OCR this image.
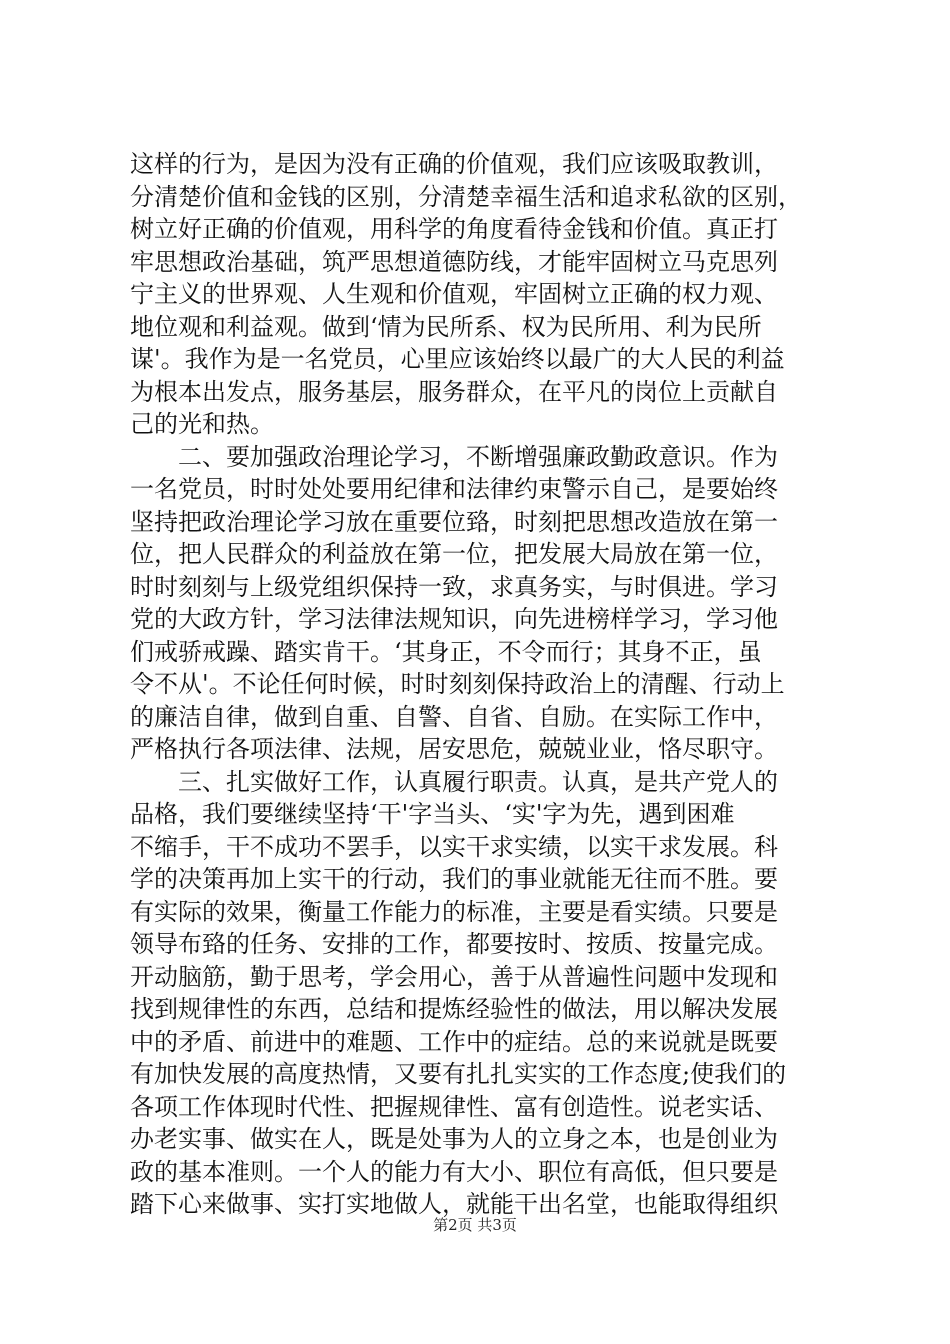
这样的行为，是因为没有正确的价值观，我们应该吸取教训，
分清楚价值和金钱的区别，分清楚幸福生活和追求私欲的区别，
树立好正确的价值观，用科学的角度看待金钱和价值。真正打
牢思想政治基础，筑严思想道德防线，才能牢固树立马克思列
宁主义的世界观、人生观和价值观，牢固树立正确的权力观、
地位观和利益观。做到‘情为民所系、权为民所用、利为民所
谋'。我作为是一名党员，心里应该始终以最广的大人民的利益
为根本出发点，服务基层，服务群众，在平凡的岗位上贡献自
己的光和热。
二、要加强政治理论学习，不断增强廉政勤政意识。作为
一名党员，时时处处要用纪律和法律约束警示自己，是要始终
坚持把政治理论学习放在重要位臵，时刻把思想改造放在第一
位，把人民群众的利益放在第一位，把发展大局放在第一位，
时时刻刻与上级党组织保持一致，求真务实，与时俱进。学习
党的大政方针，学习法律法规知识，向先进榜样学习，学习他
们戒骄戒躁、踏实肯干。‘其身正，不令而行；其身不正，虽
令不从'。不论任何时候，时时刻刻保持政治上的清醒、行动上
的廉洁自律，做到自重、自警、自省、自励。在实际工作中，
严格执行各项法律、法规，居安思危，兢兢业业，恪尽职守。
三、扎实做好工作，认真履行职责。认真，是共产党人的
品格，我们要继续坚持‘干'字当头、‘实'字为先，遇到困难
不缩手，干不成功不罢手，以实干求实绩，以实干求发展。科
学的决策再加上实干的行动，我们的事业就能无往而不胜。要
有实际的效果，衡量工作能力的标准，主要是看实绩。只要是
领导布臵的任务、安排的工作，都要按时、按质、按量完成。
开动脑筋，勤于思考，学会用心，善于从普遍性问题中发现和
找到规律性的东西，总结和提炼经验性的做法，用以解决发展
中的矛盾、前进中的难题、工作中的症结。总的来说就是既要
有加快发展的高度热情，又要有扎扎实实的工作态度;使我们的
各项工作体现时代性、把握规律性、富有创造性。说老实话、
办老实事、做实在人，既是处事为人的立身之本，也是创业为
政的基本准则。一个人的能力有大小、职位有高低，但只要是
踏下心来做事、实打实地做人，就能干出名堂，也能取得组织
第2页 共3页
